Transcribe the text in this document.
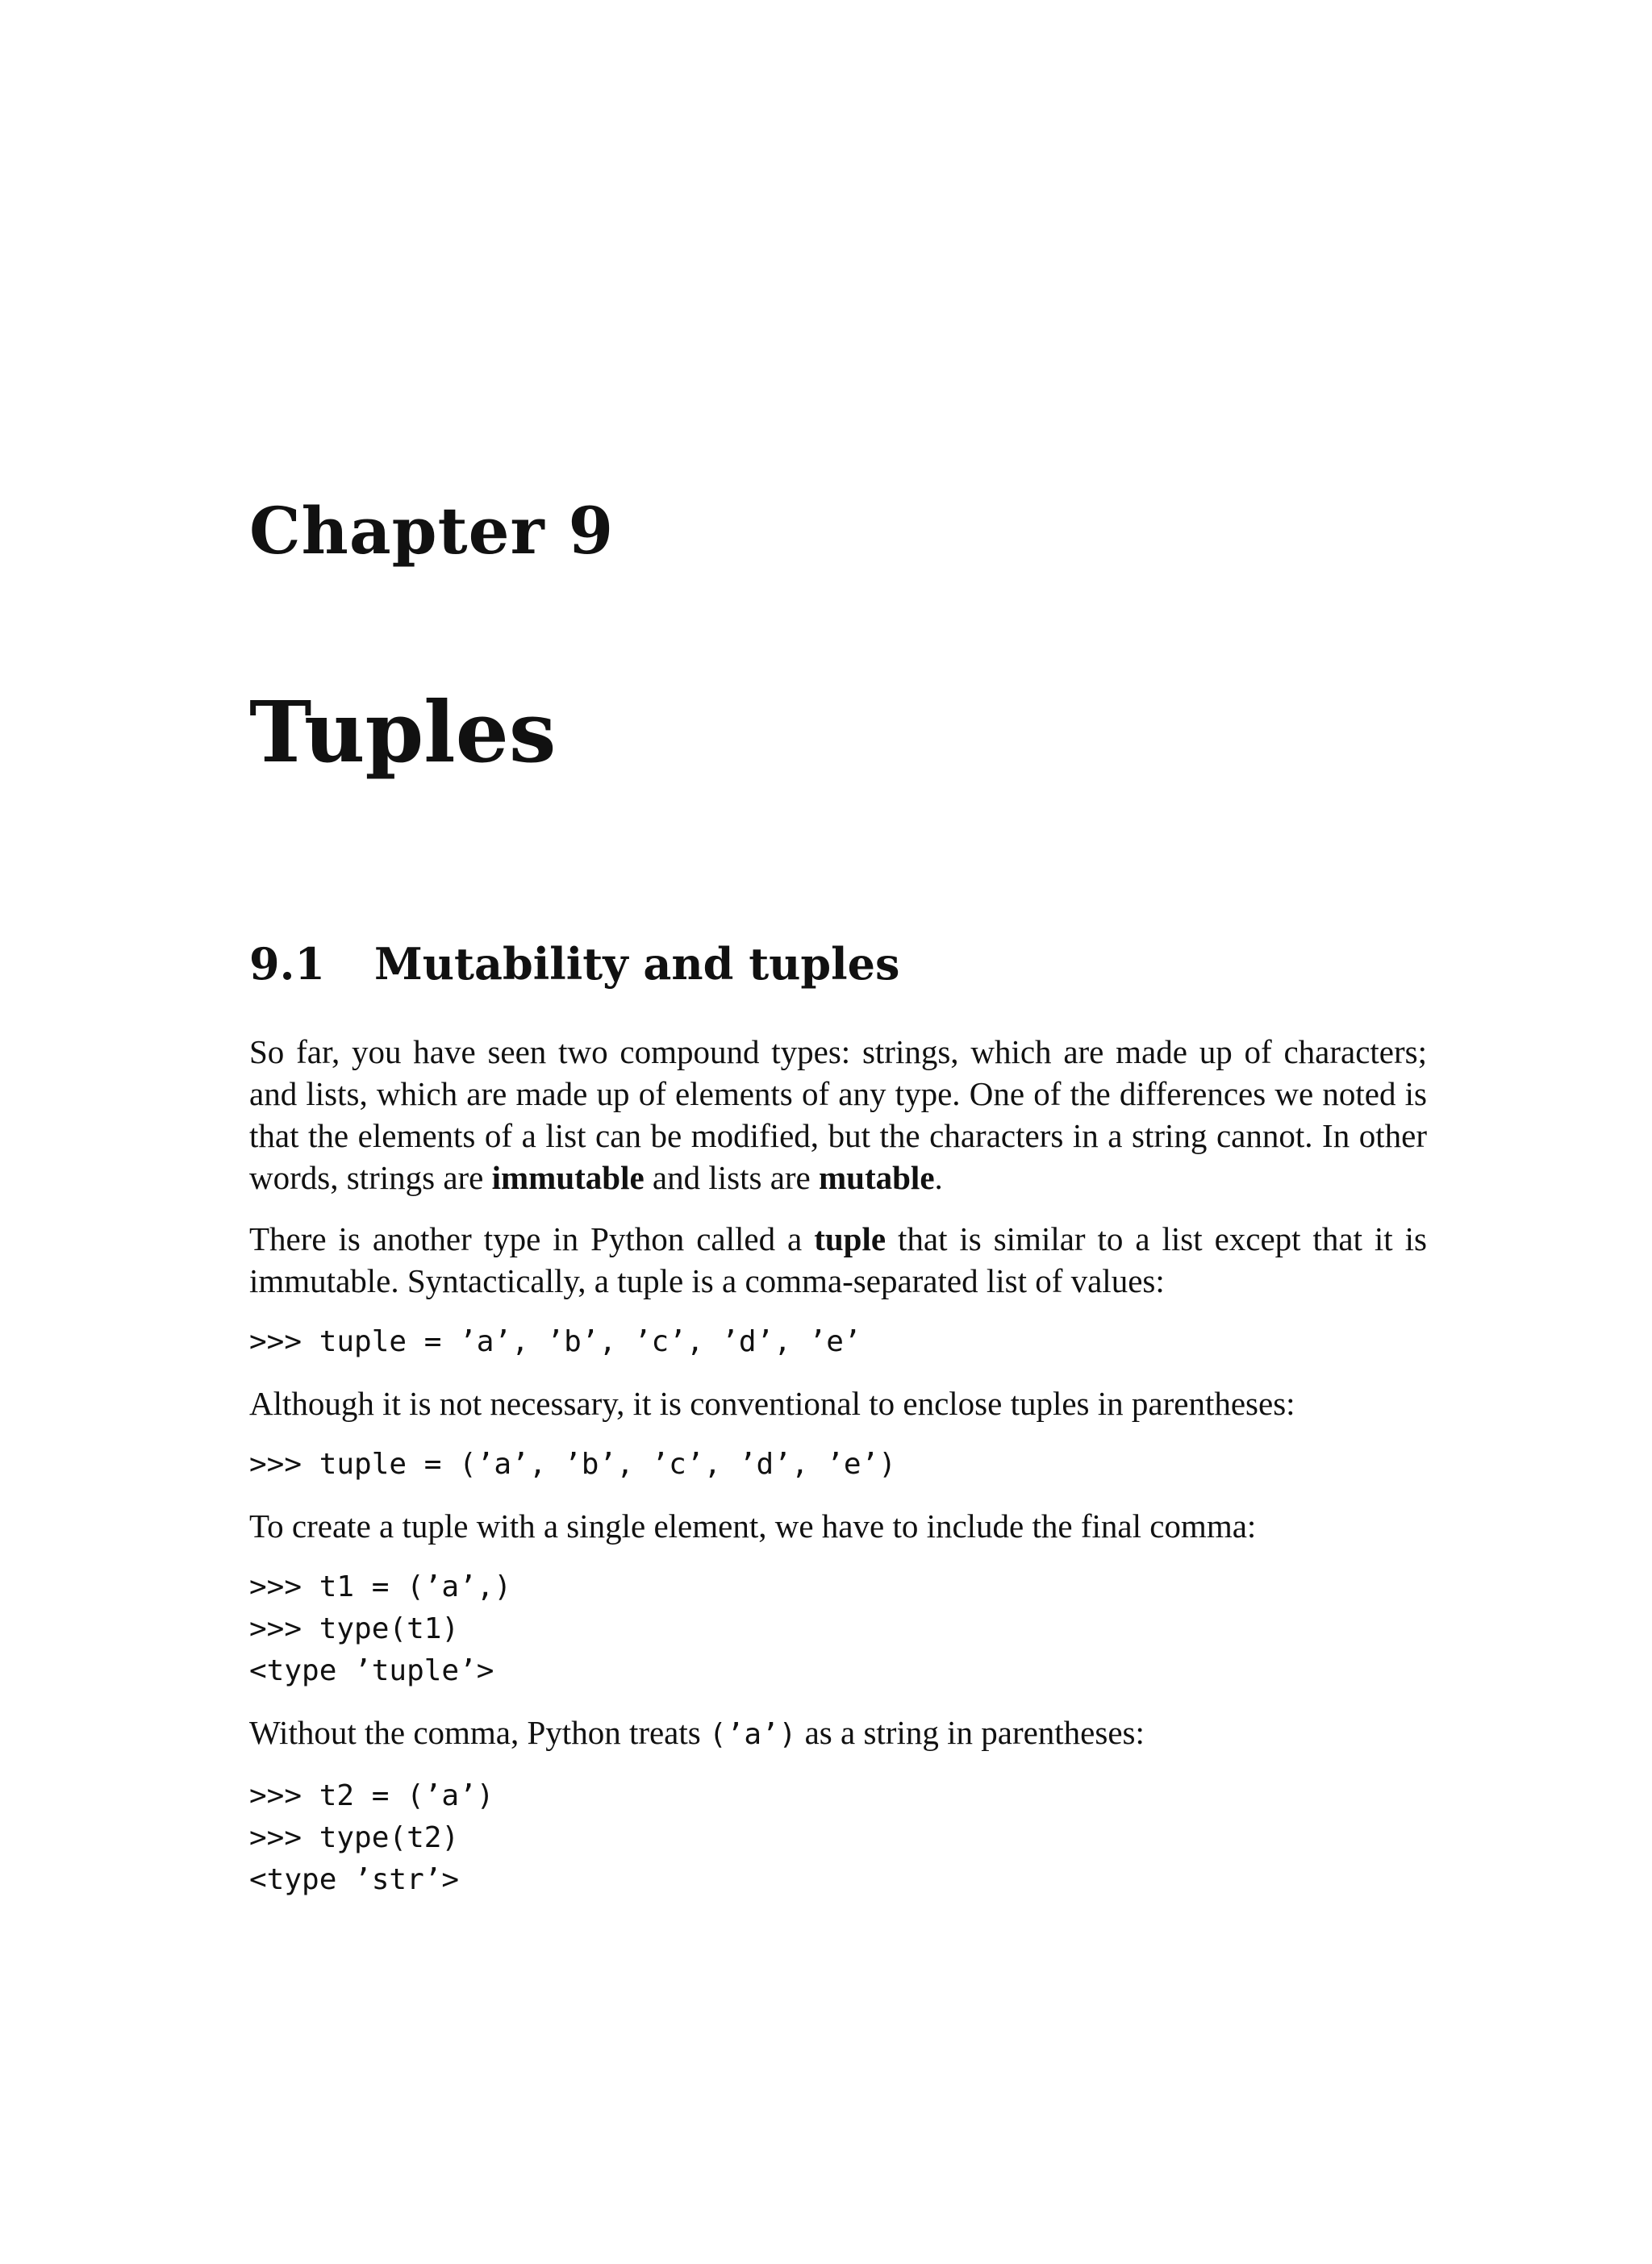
Chapter 9
Tuples
9.1 Mutability and tuples

So far, you have seen two compound types: strings, which are made up of characters; and lists, which are made up of elements of any type. One of the differences we noted is that the elements of a list can be modified, but the characters in a string cannot. In other words, strings are immutable and lists are mutable.

There is another type in Python called a tuple that is similar to a list except that it is immutable. Syntactically, a tuple is a comma-separated list of values:

>>> tuple = ’a’, ’b’, ’c’, ’d’, ’e’

Although it is not necessary, it is conventional to enclose tuples in parentheses:

>>> tuple = (’a’, ’b’, ’c’, ’d’, ’e’)

To create a tuple with a single element, we have to include the final comma:

>>> t1 = (’a’,)
>>> type(t1)
<type ’tuple’>

Without the comma, Python treats (’a’) as a string in parentheses:

>>> t2 = (’a’)
>>> type(t2)
<type ’str’>
